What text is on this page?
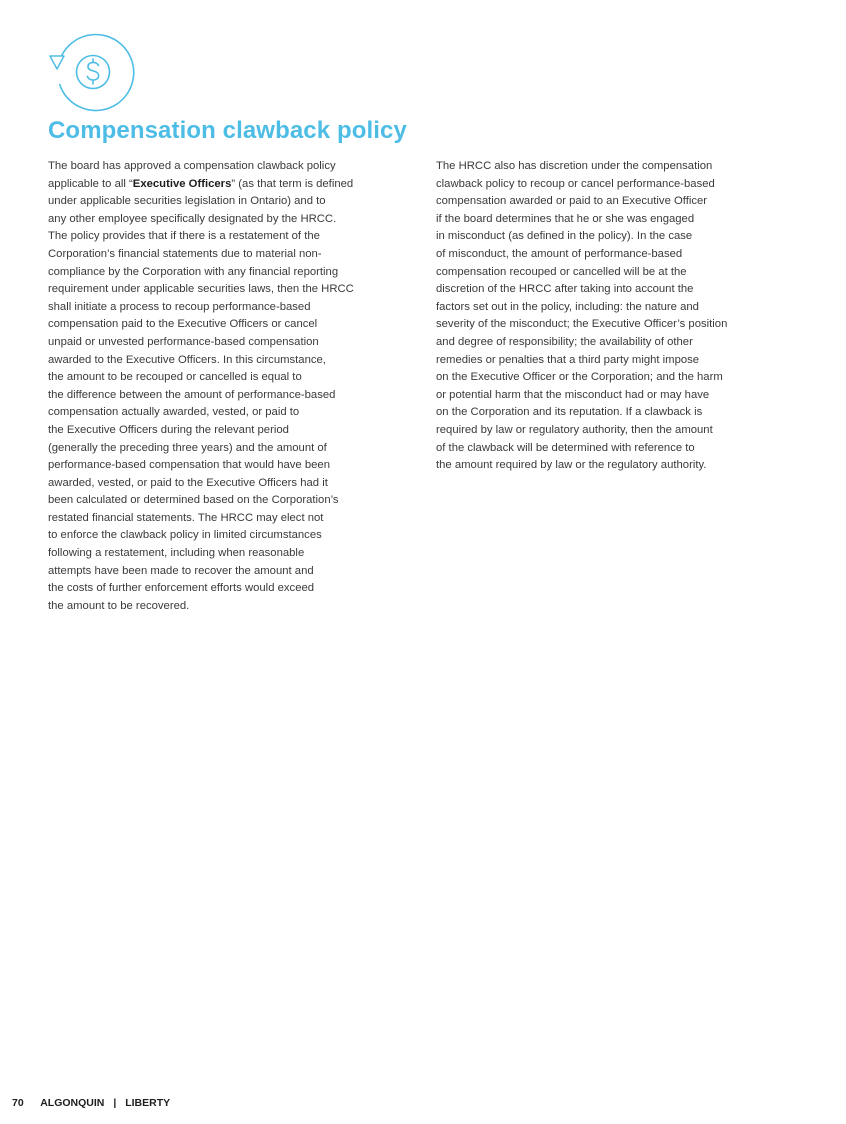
Compensation clawback policy
The board has approved a compensation clawback policy
applicable to all “Executive Officers” (as that term is defined
under applicable securities legislation in Ontario) and to
any other employee specifically designated by the HRCC.
The policy provides that if there is a restatement of the
Corporation’s financial statements due to material non-
compliance by the Corporation with any financial reporting
requirement under applicable securities laws, then the HRCC
shall initiate a process to recoup performance-based
compensation paid to the Executive Officers or cancel
unpaid or unvested performance-based compensation
awarded to the Executive Officers. In this circumstance,
the amount to be recouped or cancelled is equal to
the difference between the amount of performance-based
compensation actually awarded, vested, or paid to
the Executive Officers during the relevant period
(generally the preceding three years) and the amount of
performance-based compensation that would have been
awarded, vested, or paid to the Executive Officers had it
been calculated or determined based on the Corporation’s
restated financial statements. The HRCC may elect not
to enforce the clawback policy in limited circumstances
following a restatement, including when reasonable
attempts have been made to recover the amount and
the costs of further enforcement efforts would exceed
the amount to be recovered.
The HRCC also has discretion under the compensation
clawback policy to recoup or cancel performance-based
compensation awarded or paid to an Executive Officer
if the board determines that he or she was engaged
in misconduct (as defined in the policy). In the case
of misconduct, the amount of performance-based
compensation recouped or cancelled will be at the
discretion of the HRCC after taking into account the
factors set out in the policy, including: the nature and
severity of the misconduct; the Executive Officer’s position
and degree of responsibility; the availability of other
remedies or penalties that a third party might impose
on the Executive Officer or the Corporation; and the harm
or potential harm that the misconduct had or may have
on the Corporation and its reputation. If a clawback is
required by law or regulatory authority, then the amount
of the clawback will be determined with reference to
the amount required by law or the regulatory authority.
70 ALGONQUIN | LIBERTY
